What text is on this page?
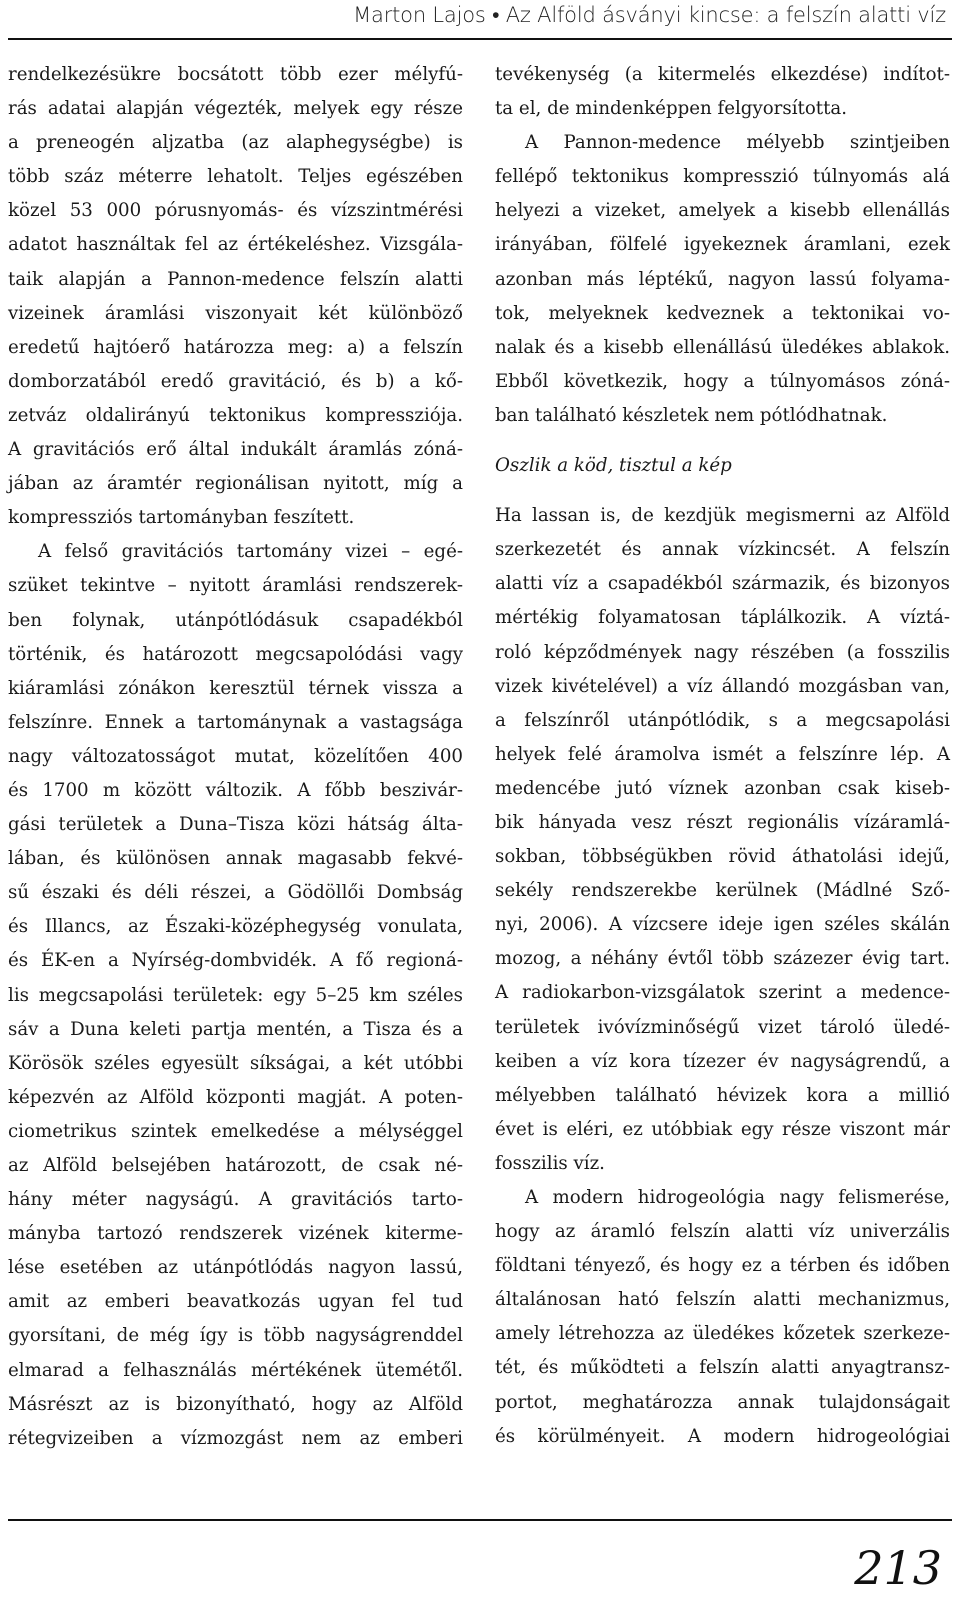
Marton Lajos • Az Alföld ásványi kincse: a felszín alatti víz
rendelkezésükre bocsátott több ezer mélyfú-
rás adatai alapján végezték, melyek egy része
a preneogén aljzatba (az alaphegységbe) is
több száz méterre lehatolt. Teljes egészében
közel 53 000 pórusnyomás- és vízszintmérési
adatot használtak fel az értékeléshez. Vizsgála-
taik alapján a Pannon-medence felszín alatti
vizeinek áramlási viszonyait két különböző
eredetű hajtóerő határozza meg: a) a felszín
domborzatából eredő gravitáció, és b) a kő-
zetváz oldalirányú tektonikus kompressziója.
A gravitációs erő által indukált áramlás zóná-
jában az áramtér regionálisan nyitott, míg a
kompressziós tartományban feszített.
A felső gravitációs tartomány vizei – egé-
szüket tekintve – nyitott áramlási rendszerek-
ben folynak, utánpótlódásuk csapadékból
történik, és határozott megcsapolódási vagy
kiáramlási zónákon keresztül térnek vissza a
felszínre. Ennek a tartománynak a vastagsága
nagy változatosságot mutat, közelítően 400
és 1700 m között változik. A főbb beszivár-
gási területek a Duna–Tisza közi hátság álta-
lában, és különösen annak magasabb fekvé-
sű északi és déli részei, a Gödöllői Dombság
és Illancs, az Északi-középhegység vonulata,
és ÉK-en a Nyírség-dombvidék. A fő regioná-
lis megcsapolási területek: egy 5–25 km széles
sáv a Duna keleti partja mentén, a Tisza és a
Körösök széles egyesült síkságai, a két utóbbi
képezvén az Alföld központi magját. A poten-
ciometrikus szintek emelkedése a mélységgel
az Alföld belsejében határozott, de csak né-
hány méter nagyságú. A gravitációs tarto-
mányba tartozó rendszerek vizének kiterme-
lése esetében az utánpótlódás nagyon lassú,
amit az emberi beavatkozás ugyan fel tud
gyorsítani, de még így is több nagyságrenddel
elmarad a felhasználás mértékének ütemétől.
Másrészt az is bizonyítható, hogy az Alföld
rétegvizeiben a vízmozgást nem az emberi
tevékenység (a kitermelés elkezdése) indítot-
ta el, de mindenképpen felgyorsította.
A Pannon-medence mélyebb szintjeiben
fellépő tektonikus kompresszió túlnyomás alá
helyezi a vizeket, amelyek a kisebb ellenállás
irányában, fölfelé igyekeznek áramlani, ezek
azonban más léptékű, nagyon lassú folyama-
tok, melyeknek kedveznek a tektonikai vo-
nalak és a kisebb ellenállású üledékes ablakok.
Ebből következik, hogy a túlnyomásos zóná-
ban található készletek nem pótlódhatnak.
Oszlik a köd, tisztul a kép
Ha lassan is, de kezdjük megismerni az Alföld
szerkezetét és annak vízkincsét. A felszín
alatti víz a csapadékból származik, és bizonyos
mértékig folyamatosan táplálkozik. A víztá-
roló képződmények nagy részében (a fosszilis
vizek kivételével) a víz állandó mozgásban van,
a felszínről utánpótlódik, s a megcsapolási
helyek felé áramolva ismét a felszínre lép. A
medencébe jutó víznek azonban csak kiseb-
bik hányada vesz részt regionális vízáramlá-
sokban, többségükben rövid áthatolási idejű,
sekély rendszerekbe kerülnek (Mádlné Sző-
nyi, 2006). A vízcsere ideje igen széles skálán
mozog, a néhány évtől több százezer évig tart.
A radiokarbon-vizsgálatok szerint a medence-
területek ivóvízminőségű vizet tároló üledé-
keiben a víz kora tízezer év nagyságrendű, a
mélyebben található hévizek kora a millió
évet is eléri, ez utóbbiak egy része viszont már
fosszilis víz.
A modern hidrogeológia nagy felismerése,
hogy az áramló felszín alatti víz univerzális
földtani tényező, és hogy ez a térben és időben
általánosan ható felszín alatti mechanizmus,
amely létrehozza az üledékes kőzetek szerkeze-
tét, és működteti a felszín alatti anyagtransz-
portot, meghatározza annak tulajdonságait
és körülményeit. A modern hidrogeológiai
213
